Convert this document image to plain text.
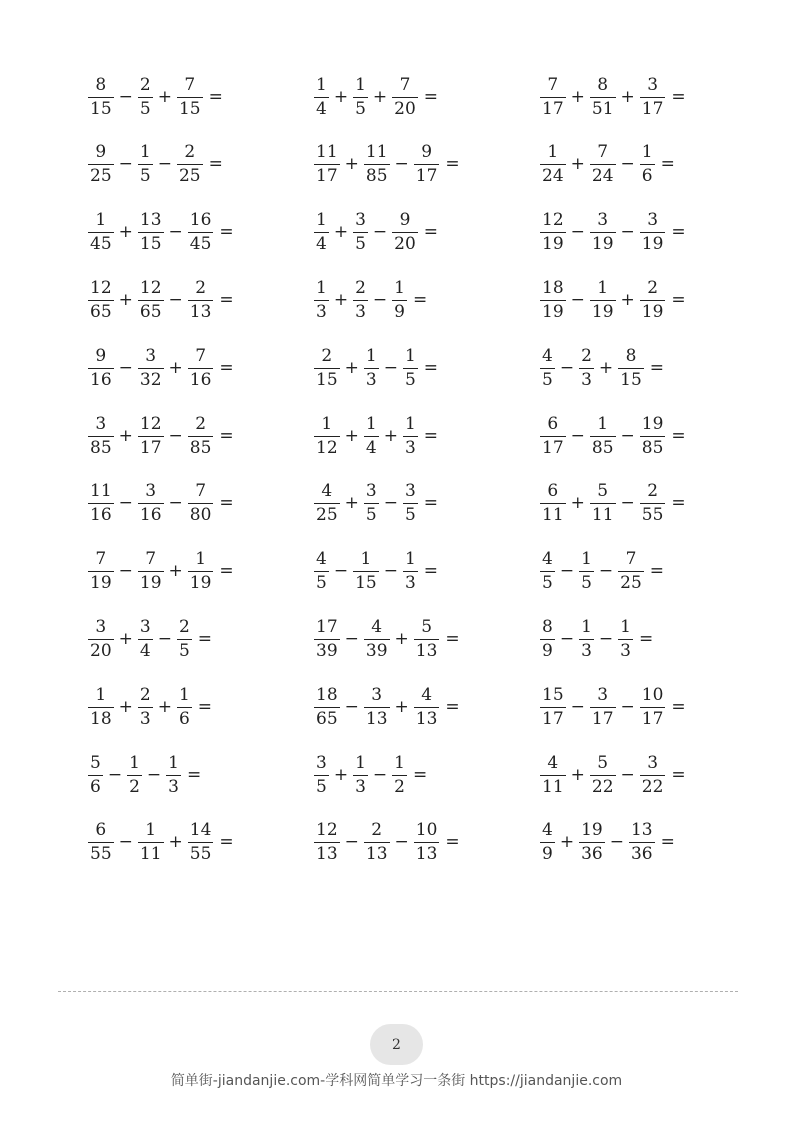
$\frac{8}{15} - \frac{2}{5} + \frac{7}{15}$ =	$\frac{1}{4} + \frac{1}{5} + \frac{7}{20}$ =	$\frac{7}{17} + \frac{8}{51} + \frac{3}{17}$ =
$\frac{9}{25} - \frac{1}{5} - \frac{2}{25}$ =	$\frac{11}{17} + \frac{11}{85} - \frac{9}{17}$ =	$\frac{1}{24} + \frac{7}{24} - \frac{1}{6}$ =
$\frac{1}{45} + \frac{13}{15} - \frac{16}{45}$ =	$\frac{1}{4} + \frac{3}{5} - \frac{9}{20}$ =	$\frac{12}{19} - \frac{3}{19} - \frac{3}{19}$ =
$\frac{12}{65} + \frac{12}{65} - \frac{2}{13}$ =	$\frac{1}{3} + \frac{2}{3} - \frac{1}{9}$ =	$\frac{18}{19} - \frac{1}{19} + \frac{2}{19}$ =
$\frac{9}{16} - \frac{3}{32} + \frac{7}{16}$ =	$\frac{2}{15} + \frac{1}{3} - \frac{1}{5}$ =	$\frac{4}{5} - \frac{2}{3} + \frac{8}{15}$ =
$\frac{3}{85} + \frac{12}{17} - \frac{2}{85}$ =	$\frac{1}{12} + \frac{1}{4} + \frac{1}{3}$ =	$\frac{6}{17} - \frac{1}{85} - \frac{19}{85}$ =
$\frac{11}{16} - \frac{3}{16} - \frac{7}{80}$ =	$\frac{4}{25} + \frac{3}{5} - \frac{3}{5}$ =	$\frac{6}{11} + \frac{5}{11} - \frac{2}{55}$ =
$\frac{7}{19} - \frac{7}{19} + \frac{1}{19}$ =	$\frac{4}{5} - \frac{1}{15} - \frac{1}{3}$ =	$\frac{4}{5} - \frac{1}{5} - \frac{7}{25}$ =
$\frac{3}{20} + \frac{3}{4} - \frac{2}{5}$ =	$\frac{17}{39} - \frac{4}{39} + \frac{5}{13}$ =	$\frac{8}{9} - \frac{1}{3} - \frac{1}{3}$ =
$\frac{1}{18} + \frac{2}{3} + \frac{1}{6}$ =	$\frac{18}{65} - \frac{3}{13} + \frac{4}{13}$ =	$\frac{15}{17} - \frac{3}{17} - \frac{10}{17}$ =
$\frac{5}{6} - \frac{1}{2} - \frac{1}{3}$ =	$\frac{3}{5} + \frac{1}{3} - \frac{1}{2}$ =	$\frac{4}{11} + \frac{5}{22} - \frac{3}{22}$ =
$\frac{6}{55} - \frac{1}{11} + \frac{14}{55}$ =	$\frac{12}{13} - \frac{2}{13} - \frac{10}{13}$ =	$\frac{4}{9} + \frac{19}{36} - \frac{13}{36}$ =
2
简单街-jiandanjie.com-学科网简单学习一条街 https://jiandanjie.com
